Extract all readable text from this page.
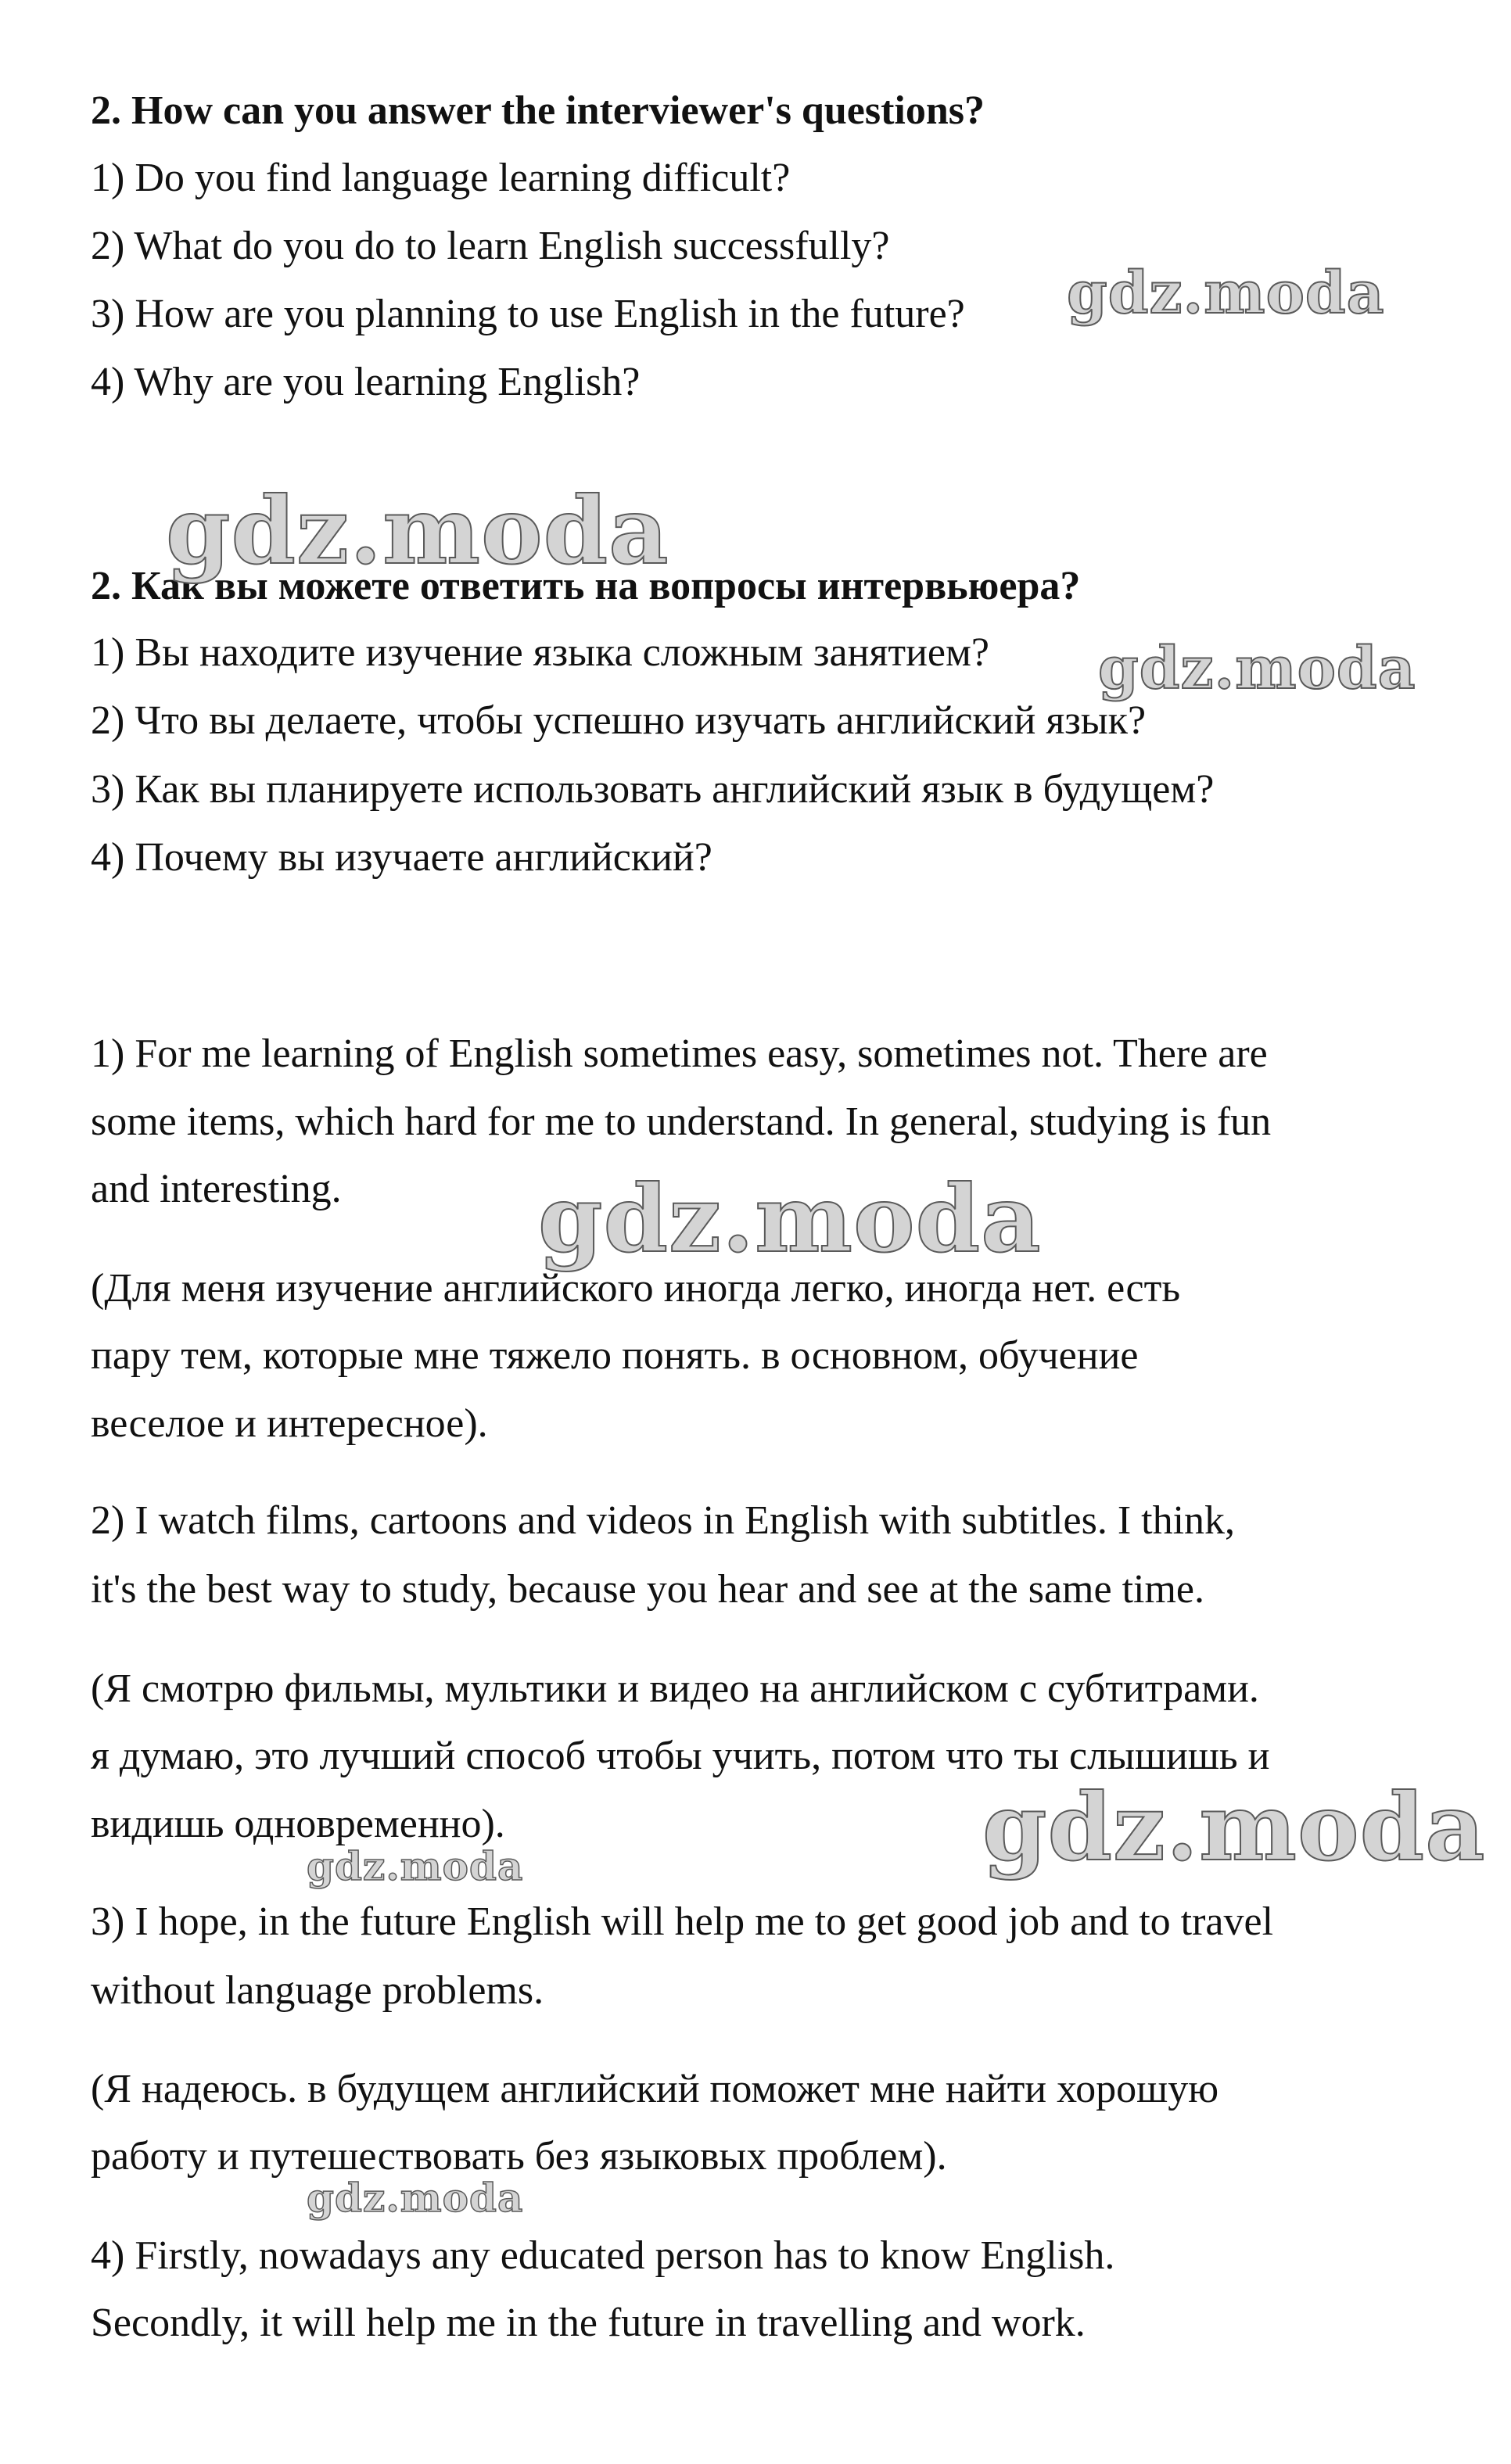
2. How can you answer the interviewer's questions?
1) Do you find language learning difficult?
2) What do you do to learn English successfully?
3) How are you planning to use English in the future?
4) Why are you learning English?
2. Как вы можете ответить на вопросы интервьюера?
1) Вы находите изучение языка сложным занятием?
2) Что вы делаете, чтобы успешно изучать английский язык?
3) Как вы планируете использовать английский язык в будущем?
4) Почему вы изучаете английский?
1) For me learning of English sometimes easy, sometimes not. There are
some items, which hard for me to understand. In general, studying is fun
and interesting.
(Для меня изучение английского иногда легко, иногда нет. есть
пару тем, которые мне тяжело понять. в основном, обучение
веселое и интересное).
2) I watch films, cartoons and videos in English with subtitles. I think,
it's the best way to study, because you hear and see at the same time.
(Я смотрю фильмы, мультики и видео на английском с субтитрами.
я думаю, это лучший способ чтобы учить, потом что ты слышишь и
видишь одновременно).
3) I hope, in the future English will help me to get good job and to travel
without language problems.
(Я надеюсь. в будущем английский поможет мне найти хорошую
работу и путешествовать без языковых проблем).
4) Firstly, nowadays any educated person has to know English.
Secondly, it will help me in the future in travelling and work.
gdz.moda
gdz.moda
gdz.moda
gdz.moda
gdz.moda
gdz.moda
gdz.moda
